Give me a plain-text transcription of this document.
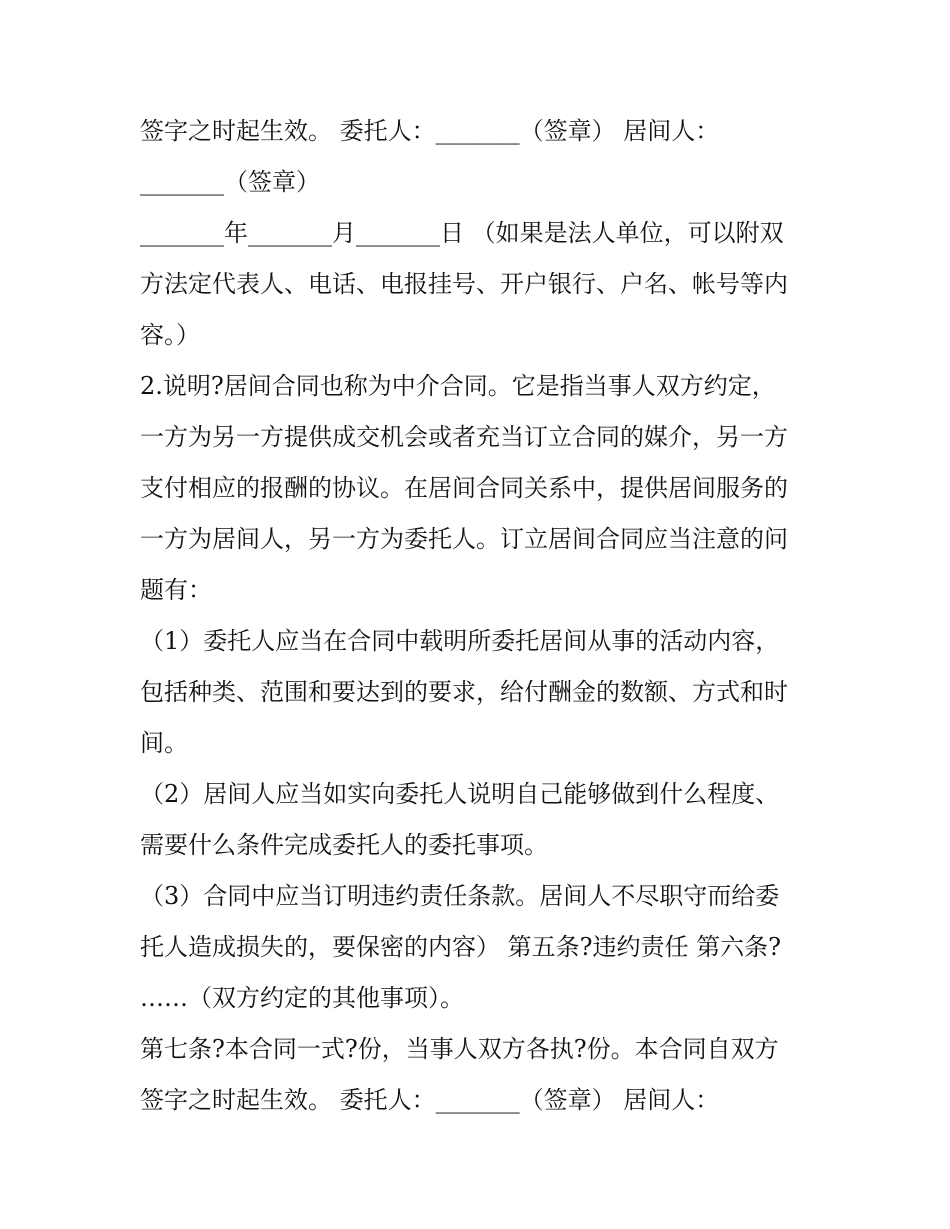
签字之时起生效。 委托人：_______（签章） 居间人：
_______（签章）
_______年_______月_______日 （如果是法人单位，可以附双
方法定代表人、电话、电报挂号、开户银行、户名、帐号等内
容。）
2.说明?居间合同也称为中介合同。它是指当事人双方约定，
一方为另一方提供成交机会或者充当订立合同的媒介，另一方
支付相应的报酬的协议。在居间合同关系中，提供居间服务的
一方为居间人，另一方为委托人。订立居间合同应当注意的问
题有：
（1）委托人应当在合同中载明所委托居间从事的活动内容，
包括种类、范围和要达到的要求，给付酬金的数额、方式和时
间。
（2）居间人应当如实向委托人说明自己能够做到什么程度、
需要什么条件完成委托人的委托事项。
（3）合同中应当订明违约责任条款。居间人不尽职守而给委
托人造成损失的，要保密的内容） 第五条?违约责任 第六条?
……（双方约定的其他事项）。
第七条?本合同一式?份，当事人双方各执?份。本合同自双方
签字之时起生效。 委托人：_______（签章） 居间人：
